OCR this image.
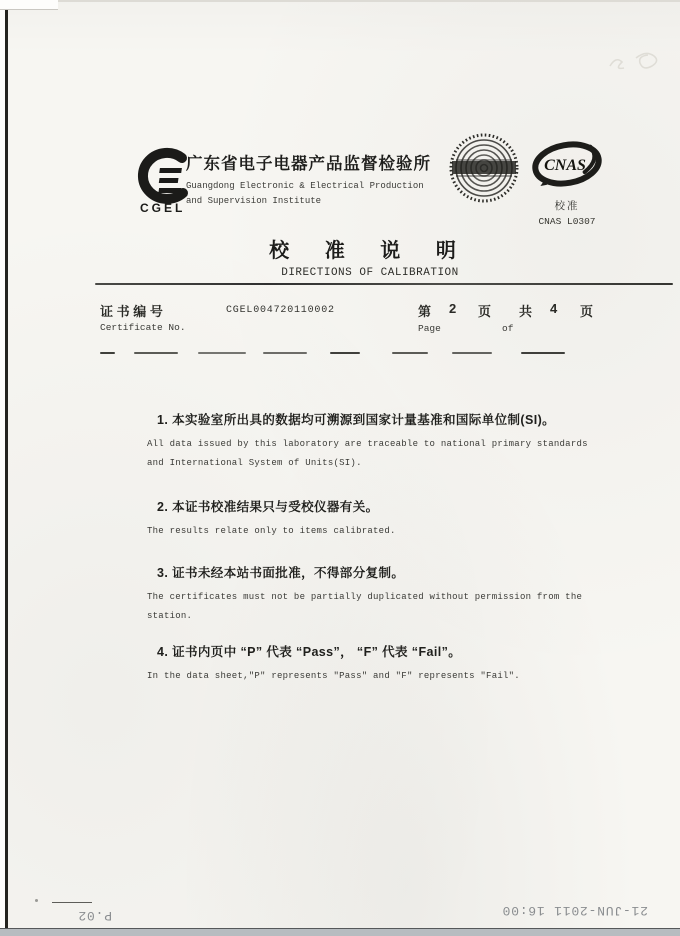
CGEL
广东省电子电器产品监督检验所
Guangdong Electronic & Electrical Production
and Supervision Institute
CNAS
校准
CNAS L0307
校 准 说 明
DIRECTIONS OF CALIBRATION
证 书 编 号
Certificate No.
CGEL004720110002	第 2 页 共 4 页
Page	of
1. 本实验室所出具的数据均可溯源到国家计量基准和国际单位制(SI)。
All data issued by this laboratory are traceable to national primary standards and International System of Units(SI).
2. 本证书校准结果只与受校仪器有关。
The results relate only to items calibrated.
3. 证书未经本站书面批准，不得部分复制。
The certificates must not be partially duplicated without permission from the station.
4. 证书内页中 “P” 代表 “Pass”， “F” 代表 “Fail”。
In the data sheet,"P" represents "Pass" and "F" represents "Fail".
P.02	21-JUN-2011 16:00
